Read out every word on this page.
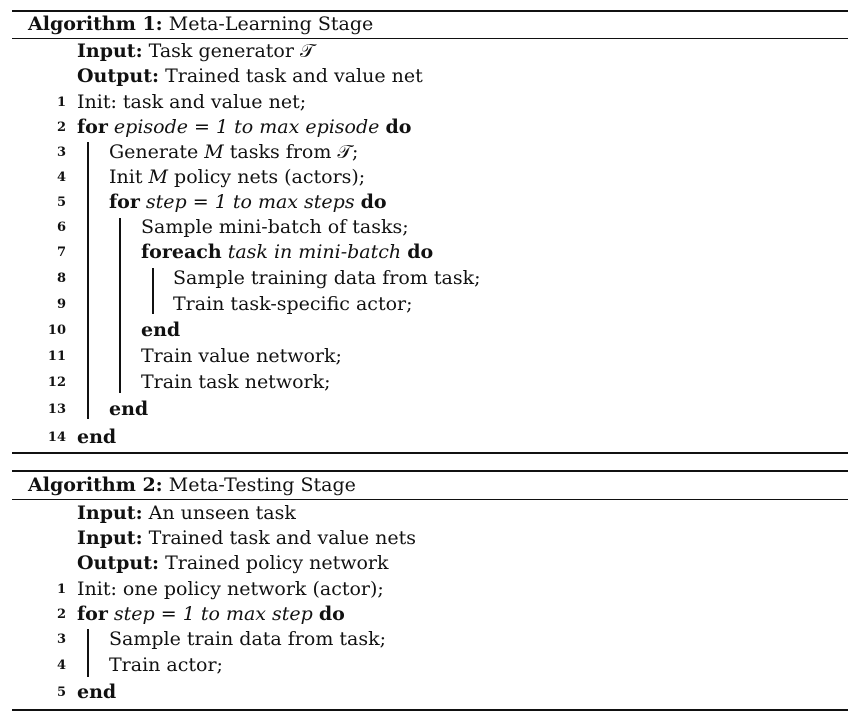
Algorithm 1: Meta-Learning Stage
Input: Task generator 𝒯
Output: Trained task and value net
1 Init: task and value net;
2 for episode = 1 to max episode do
3 Generate M tasks from 𝒯;
4 Init M policy nets (actors);
5 for step = 1 to max steps do
6	Sample mini-batch of tasks;
7	foreach task in mini-batch do
8	Sample training data from task;
9	Train task-specific actor;
10	end
11	Train value network;
12	Train task network;
13 end
14 end
Algorithm 2: Meta-Testing Stage
Input: An unseen task
Input: Trained task and value nets
Output: Trained policy network
1 Init: one policy network (actor);
2 for step = 1 to max step do
3 Sample train data from task;
4 Train actor;
5 end
